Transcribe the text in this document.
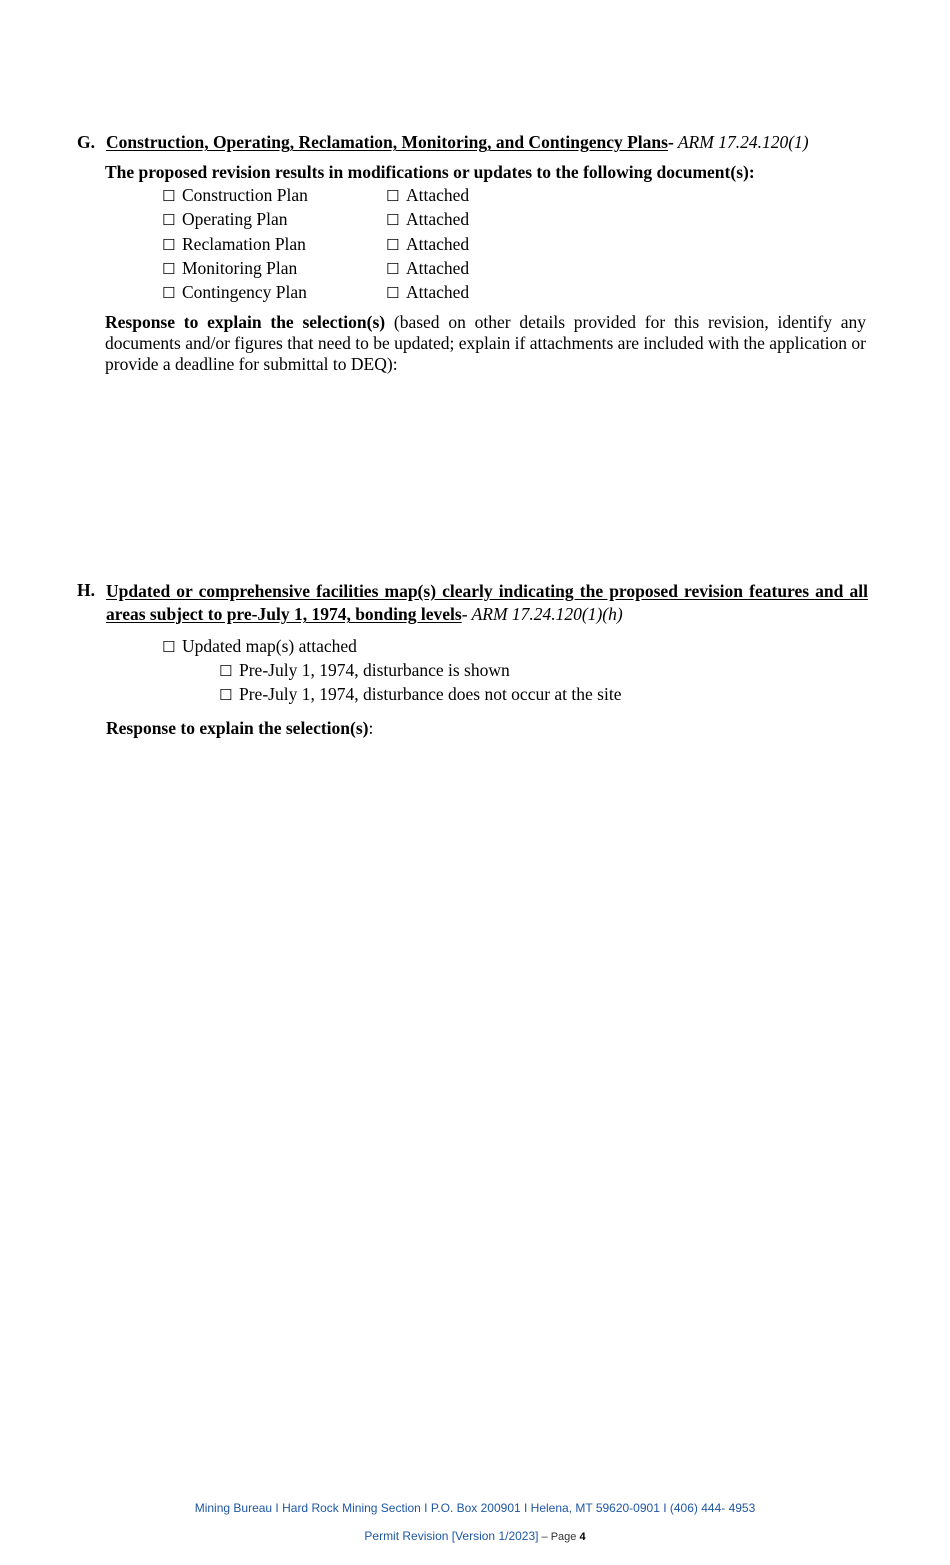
G. Construction, Operating, Reclamation, Monitoring, and Contingency Plans- ARM 17.24.120(1)
The proposed revision results in modifications or updates to the following document(s):
☐ Construction Plan	☐ Attached
☐ Operating Plan	☐ Attached
☐ Reclamation Plan	☐ Attached
☐ Monitoring Plan	☐ Attached
☐ Contingency Plan	☐ Attached
Response to explain the selection(s) (based on other details provided for this revision, identify any documents and/or figures that need to be updated; explain if attachments are included with the application or provide a deadline for submittal to DEQ):
H. Updated or comprehensive facilities map(s) clearly indicating the proposed revision features and all areas subject to pre-July 1, 1974, bonding levels- ARM 17.24.120(1)(h)
☐ Updated map(s) attached
☐ Pre-July 1, 1974, disturbance is shown
☐ Pre-July 1, 1974, disturbance does not occur at the site
Response to explain the selection(s):
Mining Bureau I Hard Rock Mining Section I P.O. Box 200901 I Helena, MT 59620-0901 I (406) 444- 4953
Permit Revision [Version 1/2023] – Page 4
